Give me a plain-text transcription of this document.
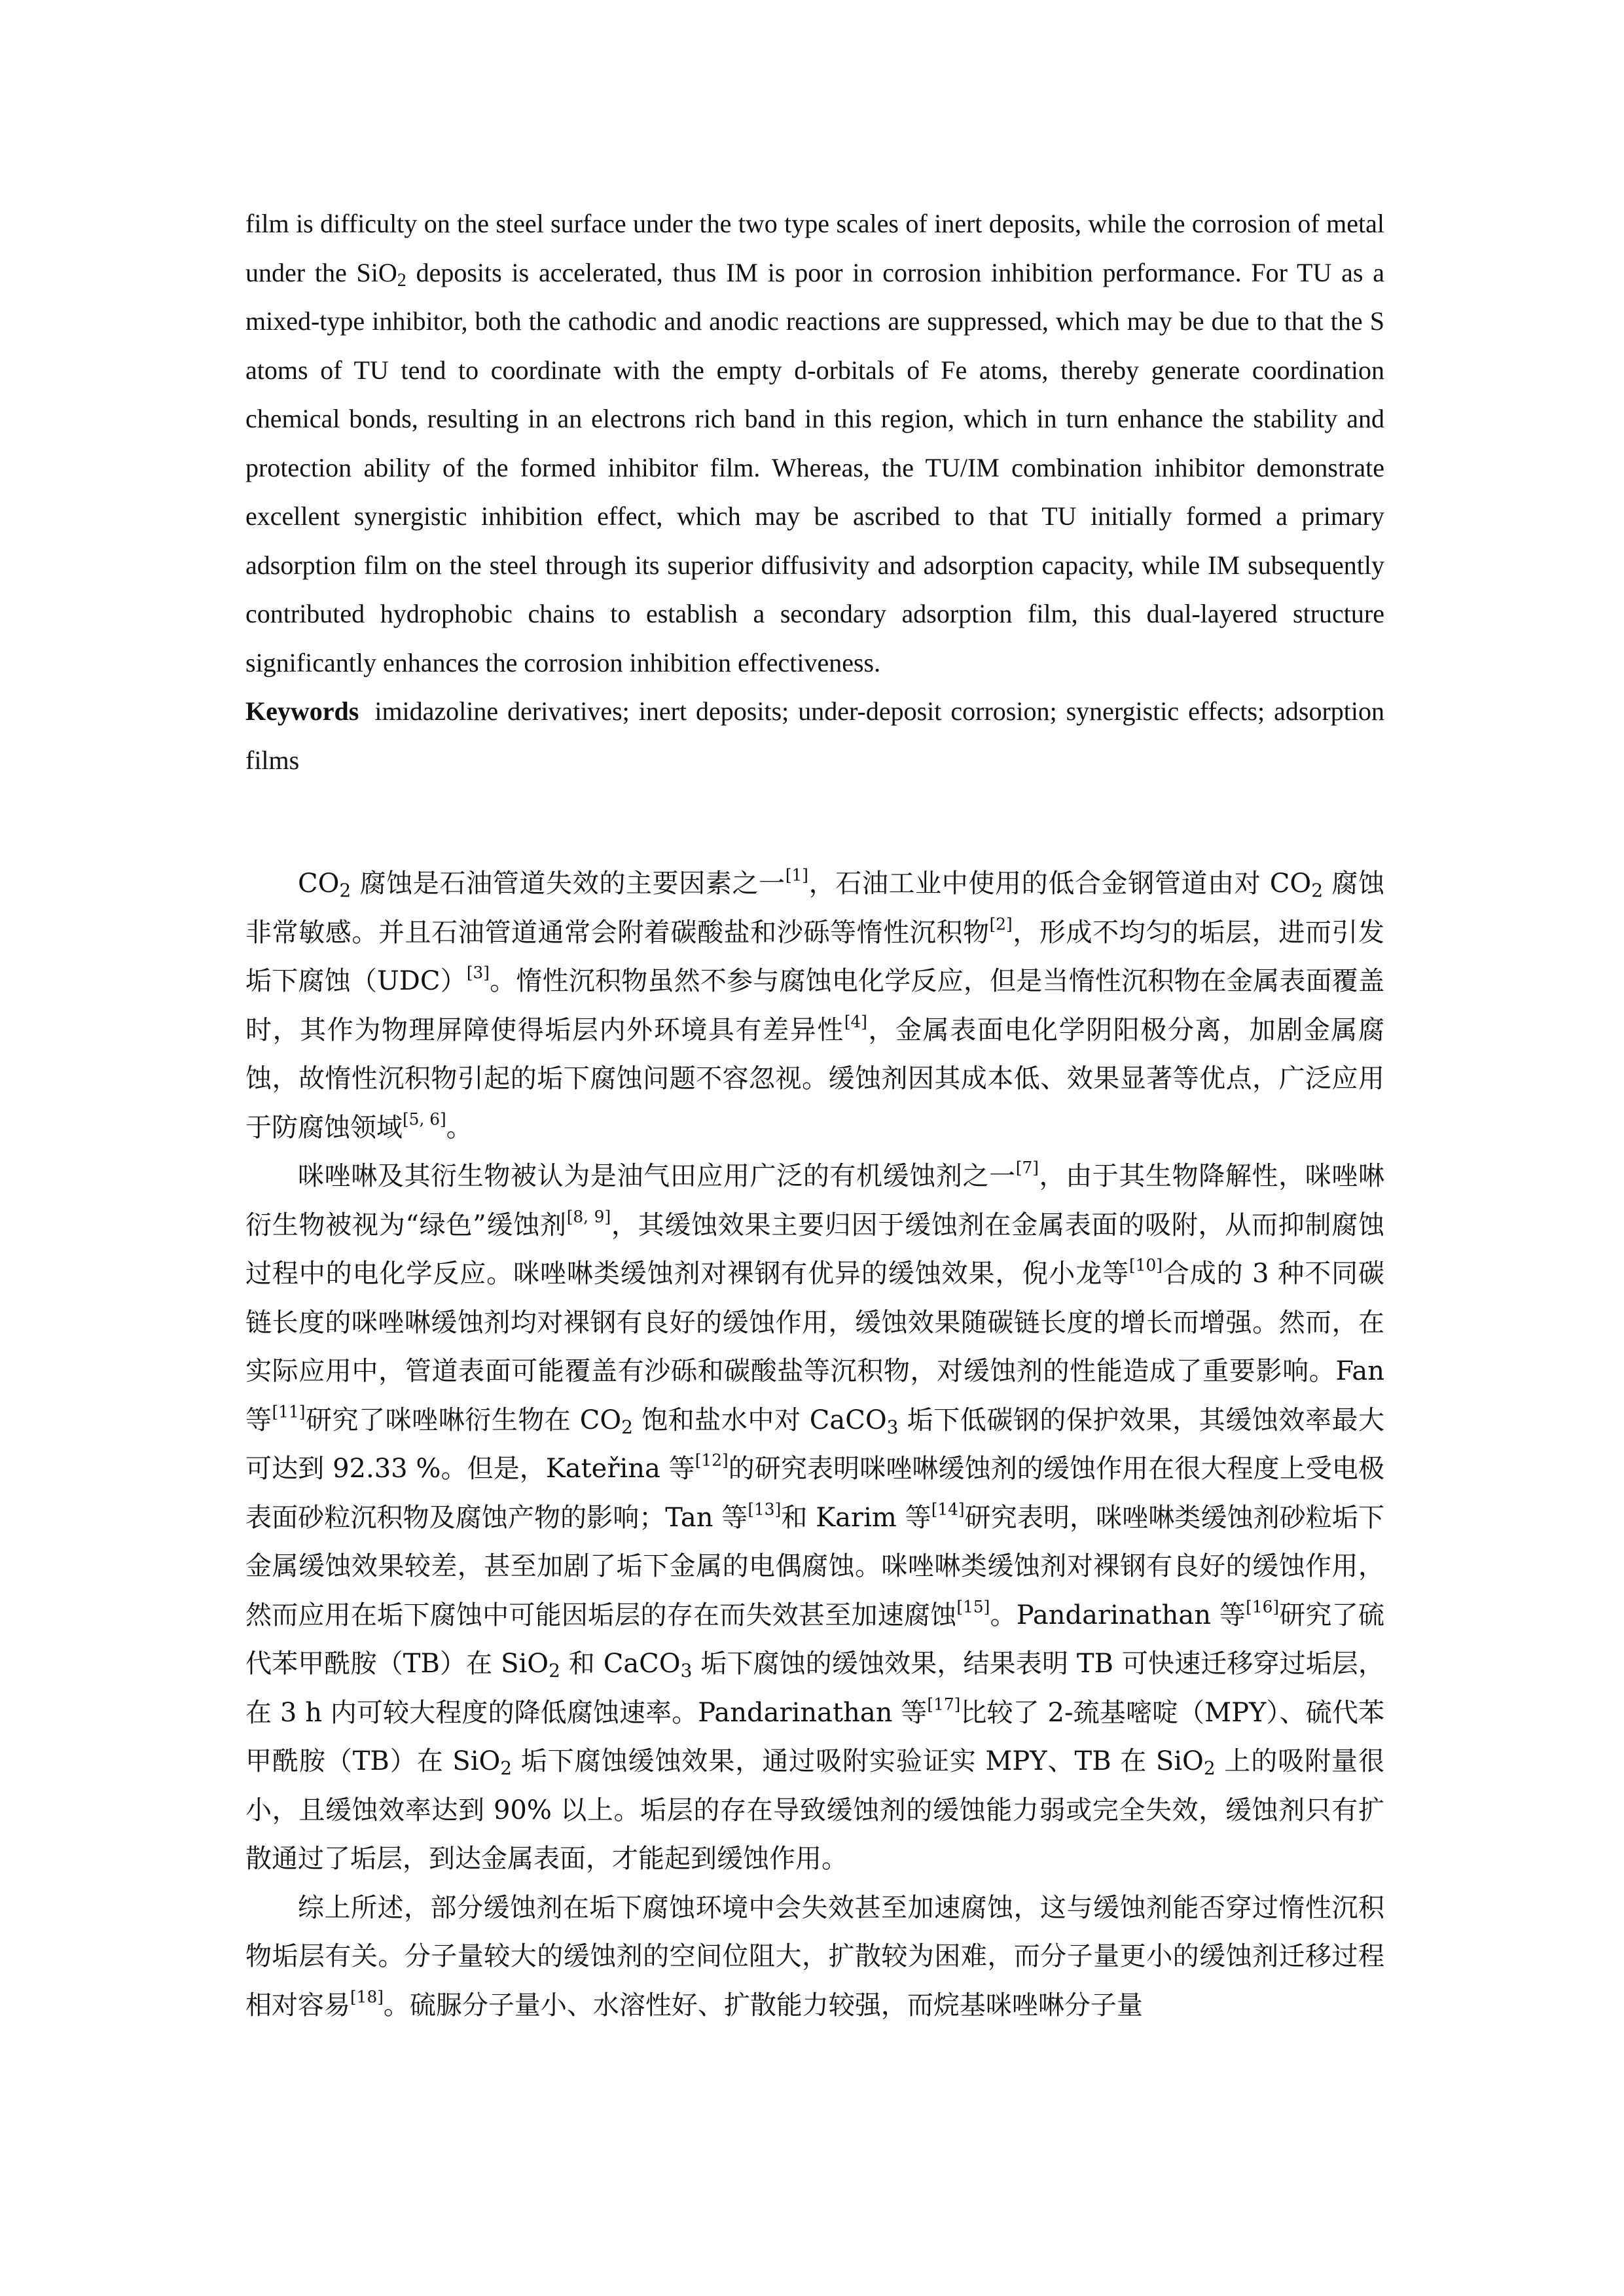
film is difficulty on the steel surface under the two type scales of inert deposits, while the corrosion of metal under the SiO$_2$ deposits is accelerated, thus IM is poor in corrosion inhibition performance. For TU as a mixed-type inhibitor, both the cathodic and anodic reactions are suppressed, which may be due to that the S atoms of TU tend to coordinate with the empty d-orbitals of Fe atoms, thereby generate coordination chemical bonds, resulting in an electrons rich band in this region, which in turn enhance the stability and protection ability of the formed inhibitor film. Whereas, the TU/IM combination inhibitor demonstrate excellent synergistic inhibition effect, which may be ascribed to that TU initially formed a primary adsorption film on the steel through its superior diffusivity and adsorption capacity, while IM subsequently contributed hydrophobic chains to establish a secondary adsorption film, this dual-layered structure significantly enhances the corrosion inhibition effectiveness.

Keywords imidazoline derivatives; inert deposits; under-deposit corrosion; synergistic effects; adsorption films

$CO_2$ 腐蚀是石油管道失效的主要因素之一[1]，石油工业中使用的低合金钢管道由对 $CO_2$ 腐蚀非常敏感。并且石油管道通常会附着碳酸盐和沙砾等惰性沉积物[2]，形成不均匀的垢层，进而引发垢下腐蚀（UDC）[3]。惰性沉积物虽然不参与腐蚀电化学反应，但是当惰性沉积物在金属表面覆盖时，其作为物理屏障使得垢层内外环境具有差异性[4]，金属表面电化学阴阳极分离，加剧金属腐蚀，故惰性沉积物引起的垢下腐蚀问题不容忽视。缓蚀剂因其成本低、效果显著等优点，广泛应用于防腐蚀领域[5, 6]。

咪唑啉及其衍生物被认为是油气田应用广泛的有机缓蚀剂之一[7]，由于其生物降解性，咪唑啉衍生物被视为“绿色”缓蚀剂[8, 9]，其缓蚀效果主要归因于缓蚀剂在金属表面的吸附，从而抑制腐蚀过程中的电化学反应。咪唑啉类缓蚀剂对裸钢有优异的缓蚀效果，倪小龙等[10]合成的 3 种不同碳链长度的咪唑啉缓蚀剂均对裸钢有良好的缓蚀作用，缓蚀效果随碳链长度的增长而增强。然而，在实际应用中，管道表面可能覆盖有沙砾和碳酸盐等沉积物，对缓蚀剂的性能造成了重要影响。Fan 等[11]研究了咪唑啉衍生物在 $CO_2$ 饱和盐水中对 CaCO$_3$ 垢下低碳钢的保护效果，其缓蚀效率最大可达到 92.33 %。但是，Kateřina 等[12]的研究表明咪唑啉缓蚀剂的缓蚀作用在很大程度上受电极表面砂粒沉积物及腐蚀产物的影响；Tan 等[13]和 Karim 等[14]研究表明，咪唑啉类缓蚀剂砂粒垢下金属缓蚀效果较差，甚至加剧了垢下金属的电偶腐蚀。咪唑啉类缓蚀剂对裸钢有良好的缓蚀作用，然而应用在垢下腐蚀中可能因垢层的存在而失效甚至加速腐蚀[15]。Pandarinathan 等[16]研究了硫代苯甲酰胺（TB）在 SiO$_2$ 和 CaCO$_3$ 垢下腐蚀的缓蚀效果，结果表明 TB 可快速迁移穿过垢层，在 3 h 内可较大程度的降低腐蚀速率。Pandarinathan 等[17]比较了 2-巯基嘧啶（MPY）、硫代苯甲酰胺（TB）在 SiO$_2$ 垢下腐蚀缓蚀效果，通过吸附实验证实 MPY、TB 在 SiO$_2$ 上的吸附量很小，且缓蚀效率达到 90% 以上。垢层的存在导致缓蚀剂的缓蚀能力弱或完全失效，缓蚀剂只有扩散通过了垢层，到达金属表面，才能起到缓蚀作用。

综上所述，部分缓蚀剂在垢下腐蚀环境中会失效甚至加速腐蚀，这与缓蚀剂能否穿过惰性沉积物垢层有关。分子量较大的缓蚀剂的空间位阻大，扩散较为困难，而分子量更小的缓蚀剂迁移过程相对容易[18]。硫脲分子量小、水溶性好、扩散能力较强，而烷基咪唑啉分子量
